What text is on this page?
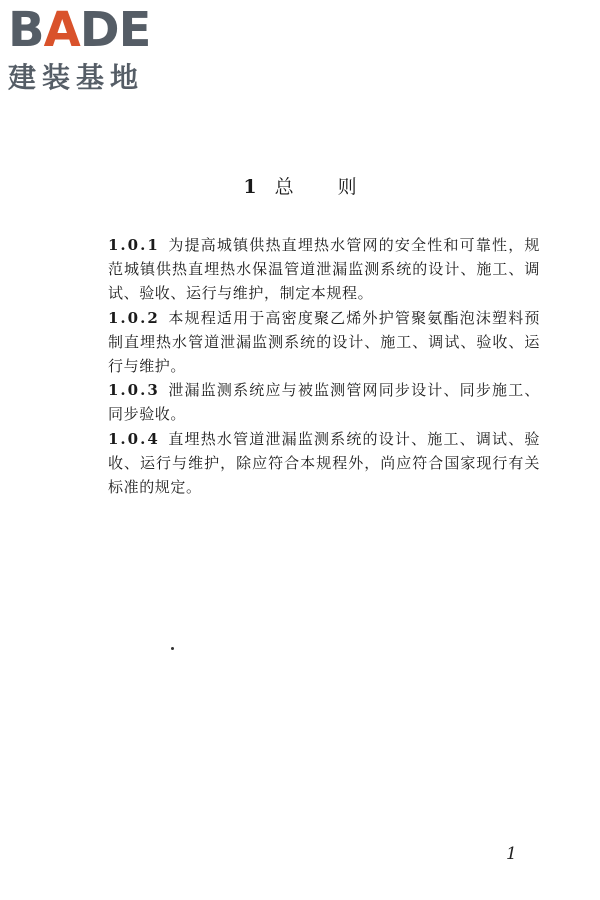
BADE
建装基地
1 总 则

1.0.1 为提高城镇供热直埋热水管网的安全性和可靠性，规范城镇供热直埋热水保温管道泄漏监测系统的设计、施工、调试、验收、运行与维护，制定本规程。

1.0.2 本规程适用于高密度聚乙烯外护管聚氨酯泡沫塑料预制直埋热水管道泄漏监测系统的设计、施工、调试、验收、运行与维护。

1.0.3 泄漏监测系统应与被监测管网同步设计、同步施工、同步验收。

1.0.4 直埋热水管道泄漏监测系统的设计、施工、调试、验收、运行与维护，除应符合本规程外，尚应符合国家现行有关标准的规定。

1
